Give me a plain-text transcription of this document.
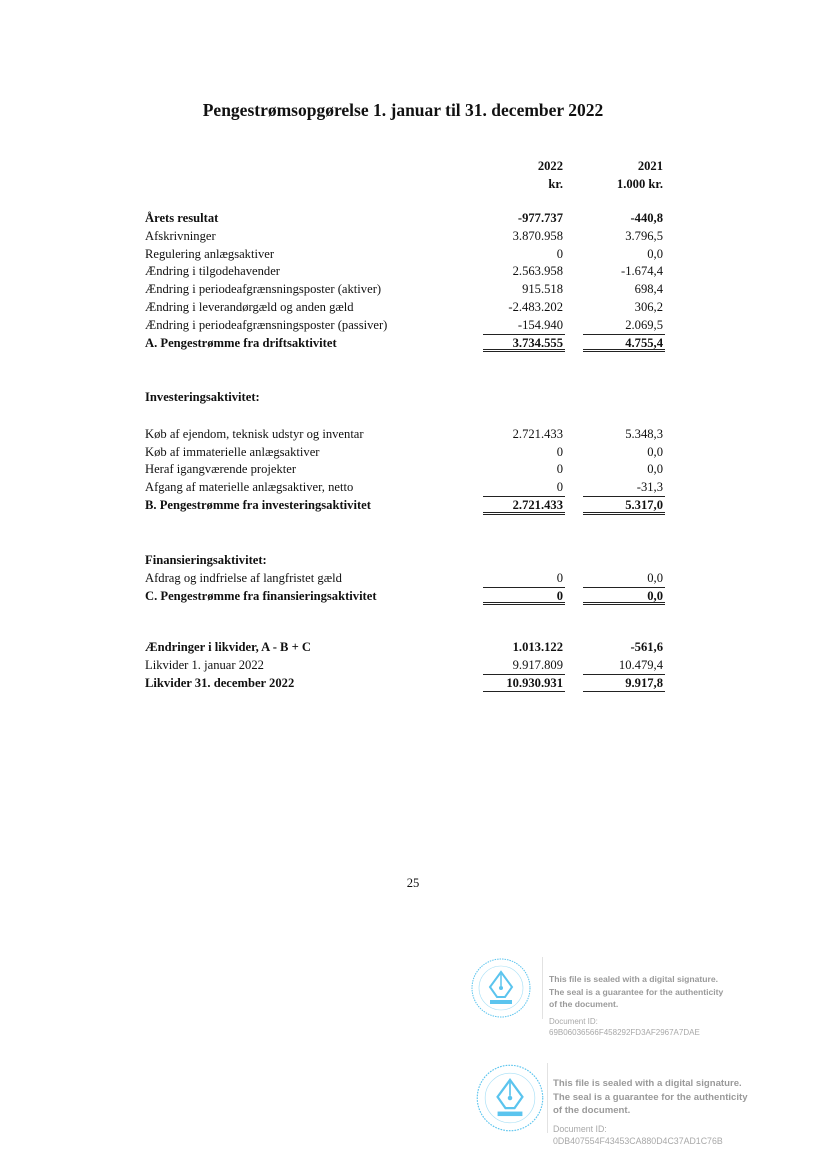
Pengestrømsopgørelse 1. januar til 31. december 2022
2022	2021
kr.	1.000 kr.
Årets resultat	-977.737	-440,8
Afskrivninger	3.870.958	3.796,5
Regulering anlægsaktiver	0	0,0
Ændring i tilgodehavender	2.563.958	-1.674,4
Ændring i periodeafgrænsningsposter (aktiver)	915.518	698,4
Ændring i leverandørgæld og anden gæld	-2.483.202	306,2
Ændring i periodeafgrænsningsposter (passiver)	-154.940	2.069,5
A. Pengestrømme fra driftsaktivitet	3.734.555	4.755,4
Investeringsaktivitet:
Køb af ejendom, teknisk udstyr og inventar	2.721.433	5.348,3
Køb af immaterielle anlægsaktiver	0	0,0
Heraf igangværende projekter	0	0,0
Afgang af materielle anlægsaktiver, netto	0	-31,3
B. Pengestrømme fra investeringsaktivitet	2.721.433	5.317,0
Finansieringsaktivitet:
Afdrag og indfrielse af langfristet gæld	0	0,0
C. Pengestrømme fra finansieringsaktivitet	0	0,0
Ændringer i likvider, A - B + C	1.013.122	-561,6
Likvider 1. januar 2022	9.917.809	10.479,4
Likvider 31. december 2022	10.930.931	9.917,8
25
This file is sealed with a digital signature.
The seal is a guarantee for the authenticity
of the document.
Document ID:
69B06036566F458292FD3AF2967A7DAE
This file is sealed with a digital signature.
The seal is a guarantee for the authenticity
of the document.
Document ID:
0DB407554F43453CA880D4C37AD1C76B
